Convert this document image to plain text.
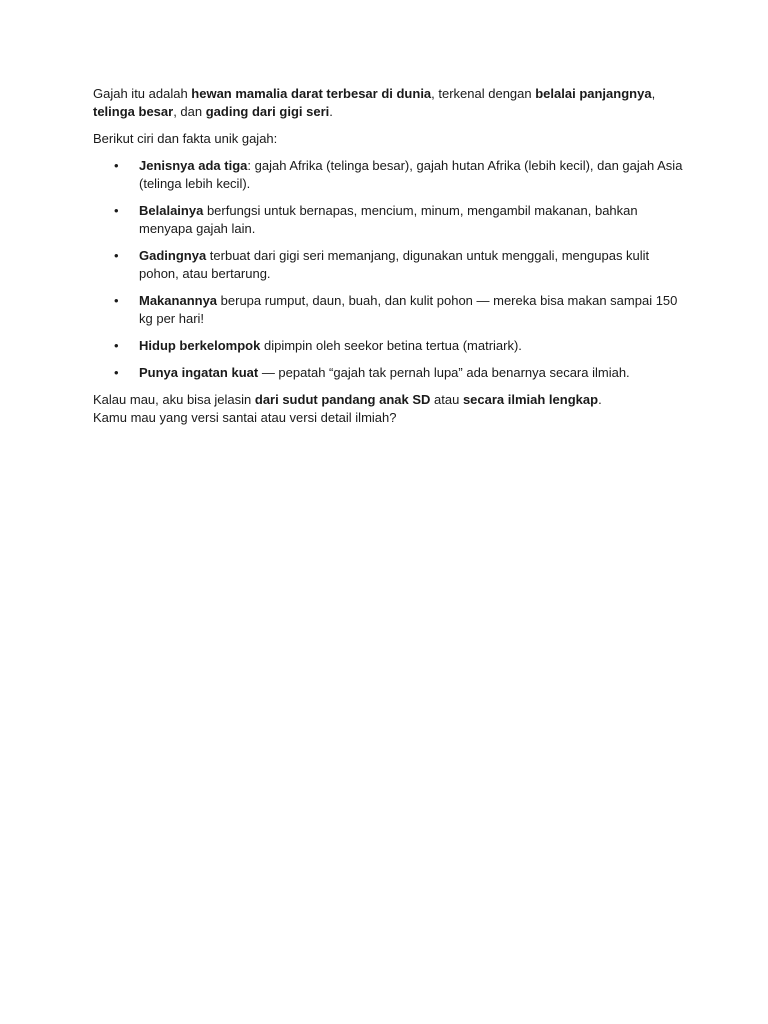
Gajah itu adalah hewan mamalia darat terbesar di dunia, terkenal dengan belalai panjangnya, telinga besar, dan gading dari gigi seri.

Berikut ciri dan fakta unik gajah:

• Jenisnya ada tiga: gajah Afrika (telinga besar), gajah hutan Afrika (lebih kecil), dan gajah Asia (telinga lebih kecil).
• Belalainya berfungsi untuk bernapas, mencium, minum, mengambil makanan, bahkan menyapa gajah lain.
• Gadingnya terbuat dari gigi seri memanjang, digunakan untuk menggali, mengupas kulit pohon, atau bertarung.
• Makanannya berupa rumput, daun, buah, dan kulit pohon — mereka bisa makan sampai 150 kg per hari!
• Hidup berkelompok dipimpin oleh seekor betina tertua (matriark).
• Punya ingatan kuat — pepatah “gajah tak pernah lupa” ada benarnya secara ilmiah.

Kalau mau, aku bisa jelasin dari sudut pandang anak SD atau secara ilmiah lengkap.
Kamu mau yang versi santai atau versi detail ilmiah?
